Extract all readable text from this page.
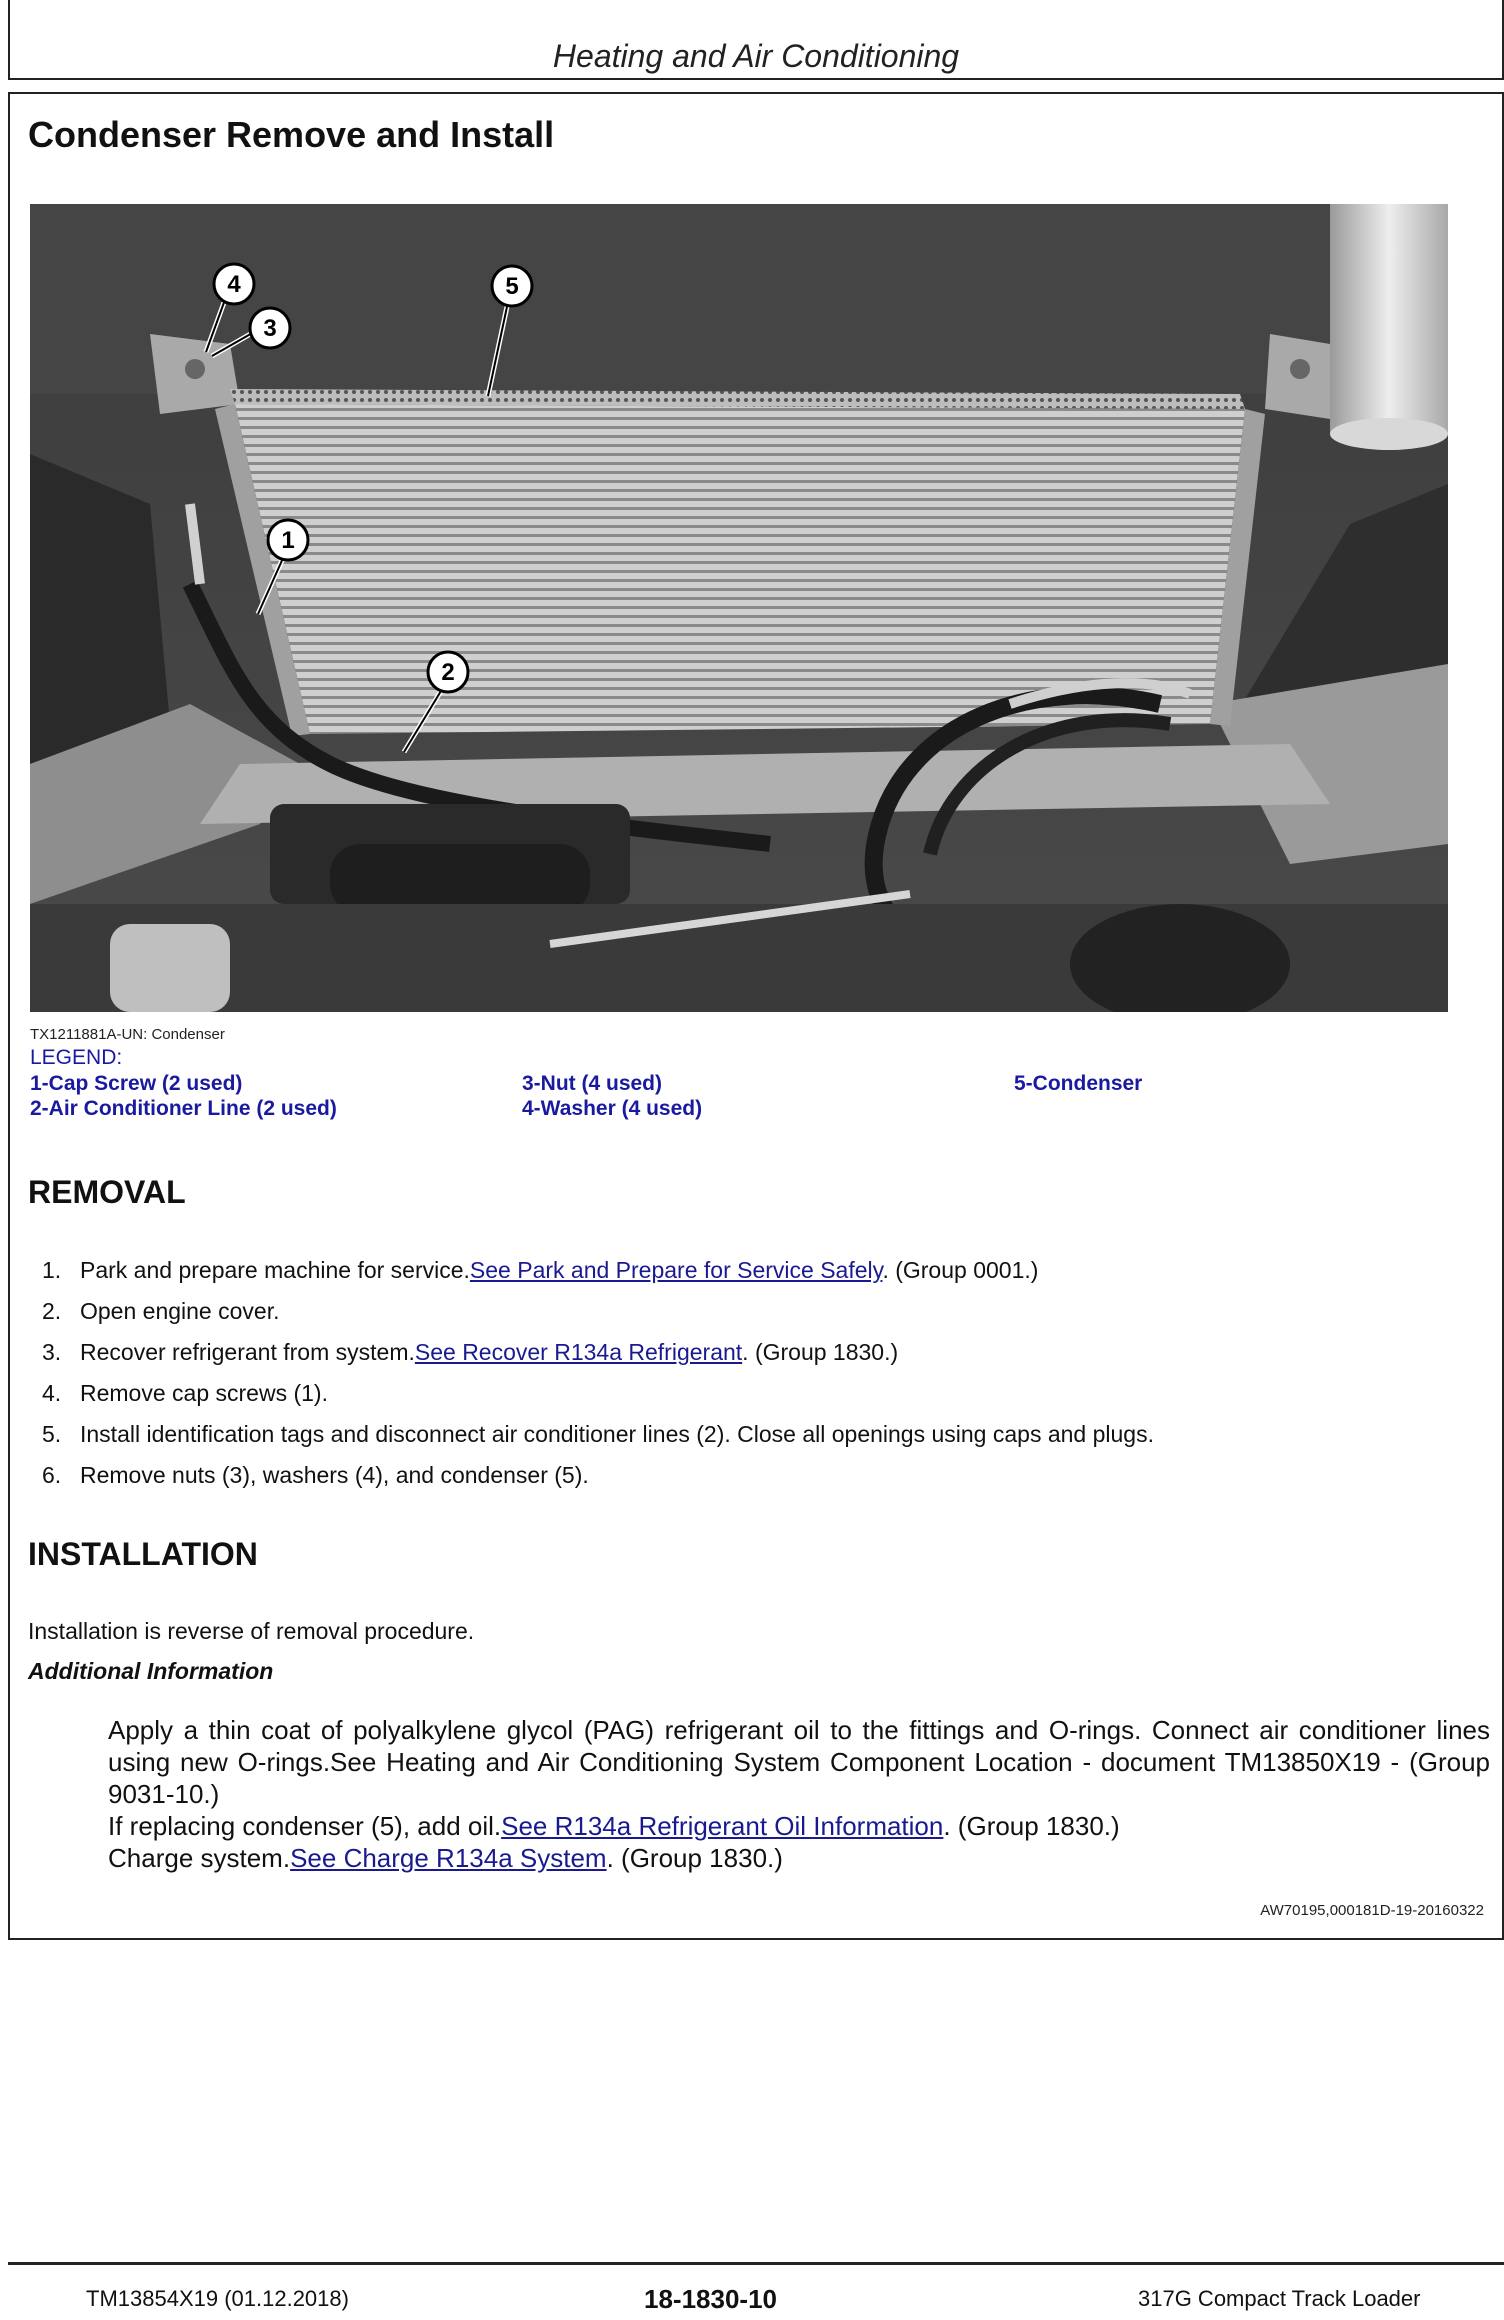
Heating and Air Conditioning
Condenser Remove and Install
4
3
5
1
2
TX1211881A-UN: Condenser
LEGEND:
1-Cap Screw (2 used)
2-Air Conditioner Line (2 used)
3-Nut (4 used)
4-Washer (4 used)
5-Condenser
REMOVAL
1. Park and prepare machine for service.See Park and Prepare for Service Safely. (Group 0001.)
2. Open engine cover.
3. Recover refrigerant from system.See Recover R134a Refrigerant. (Group 1830.)
4. Remove cap screws (1).
5. Install identification tags and disconnect air conditioner lines (2). Close all openings using caps and plugs.
6. Remove nuts (3), washers (4), and condenser (5).
INSTALLATION
Installation is reverse of removal procedure.
Additional Information
Apply a thin coat of polyalkylene glycol (PAG) refrigerant oil to the fittings and O-rings. Connect air conditioner lines using new O-rings.See Heating and Air Conditioning System Component Location - document TM13850X19 - (Group 9031-10.)
If replacing condenser (5), add oil.See R134a Refrigerant Oil Information. (Group 1830.)
Charge system.See Charge R134a System. (Group 1830.)
AW70195,000181D-19-20160322
TM13854X19 (01.12.2018)	18-1830-10	317G Compact Track Loader
